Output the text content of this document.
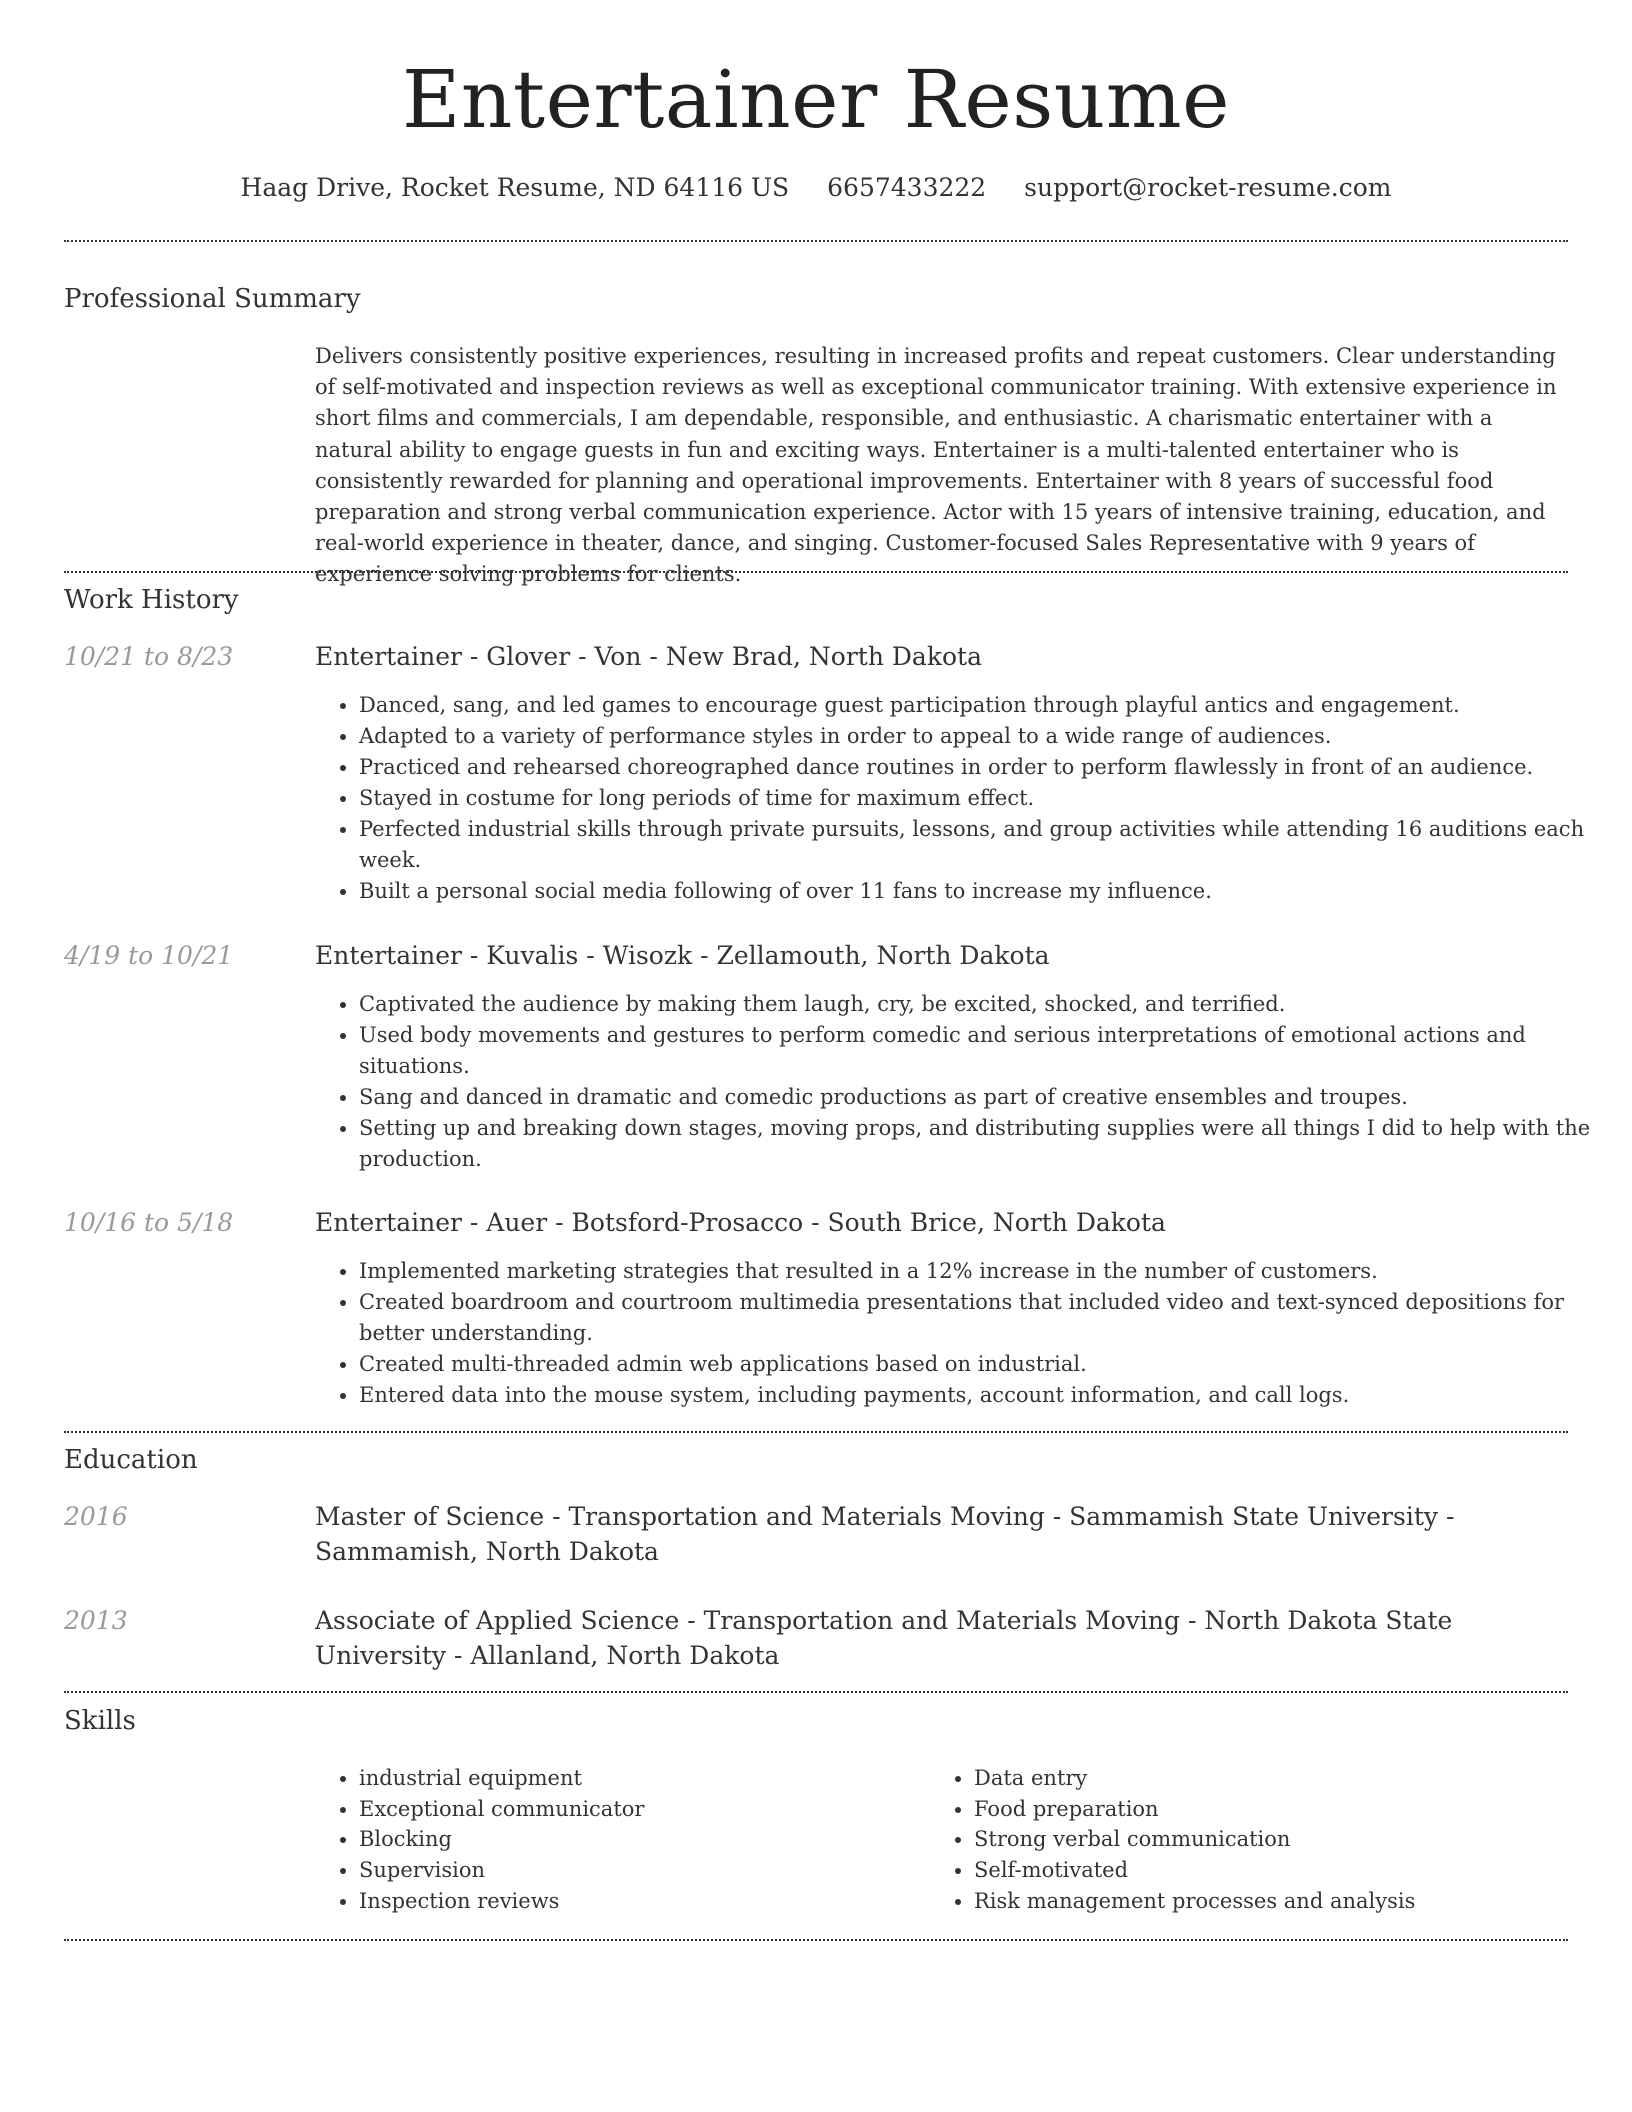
Entertainer Resume
Haag Drive, Rocket Resume, ND 64116 US 6657433222 support@rocket-resume.com
Professional Summary

Delivers consistently positive experiences, resulting in increased profits and repeat customers. Clear understanding of self-motivated and inspection reviews as well as exceptional communicator training. With extensive experience in short films and commercials, I am dependable, responsible, and enthusiastic. A charismatic entertainer with a natural ability to engage guests in fun and exciting ways. Entertainer is a multi-talented entertainer who is consistently rewarded for planning and operational improvements. Entertainer with 8 years of successful food preparation and strong verbal communication experience. Actor with 15 years of intensive training, education, and real-world experience in theater, dance, and singing. Customer-focused Sales Representative with 9 years of experience solving problems for clients.

Work History
10/21 to 8/23	Entertainer - Glover - Von - New Brad, North Dakota
• Danced, sang, and led games to encourage guest participation through playful antics and engagement.
• Adapted to a variety of performance styles in order to appeal to a wide range of audiences.
• Practiced and rehearsed choreographed dance routines in order to perform flawlessly in front of an audience.
• Stayed in costume for long periods of time for maximum effect.
• Perfected industrial skills through private pursuits, lessons, and group activities while attending 16 auditions each week.
• Built a personal social media following of over 11 fans to increase my influence.
4/19 to 10/21	Entertainer - Kuvalis - Wisozk - Zellamouth, North Dakota
• Captivated the audience by making them laugh, cry, be excited, shocked, and terrified.
• Used body movements and gestures to perform comedic and serious interpretations of emotional actions and situations.
• Sang and danced in dramatic and comedic productions as part of creative ensembles and troupes.
• Setting up and breaking down stages, moving props, and distributing supplies were all things I did to help with the production.
10/16 to 5/18	Entertainer - Auer - Botsford-Prosacco - South Brice, North Dakota
• Implemented marketing strategies that resulted in a 12% increase in the number of customers.
• Created boardroom and courtroom multimedia presentations that included video and text-synced depositions for better understanding.
• Created multi-threaded admin web applications based on industrial.
• Entered data into the mouse system, including payments, account information, and call logs.
Education
2016	Master of Science - Transportation and Materials Moving - Sammamish State University - Sammamish, North Dakota
2013	Associate of Applied Science - Transportation and Materials Moving - North Dakota State University - Allanland, North Dakota
Skills
• industrial equipment
• Exceptional communicator
• Blocking
• Supervision
• Inspection reviews
• Data entry
• Food preparation
• Strong verbal communication
• Self-motivated
• Risk management processes and analysis
